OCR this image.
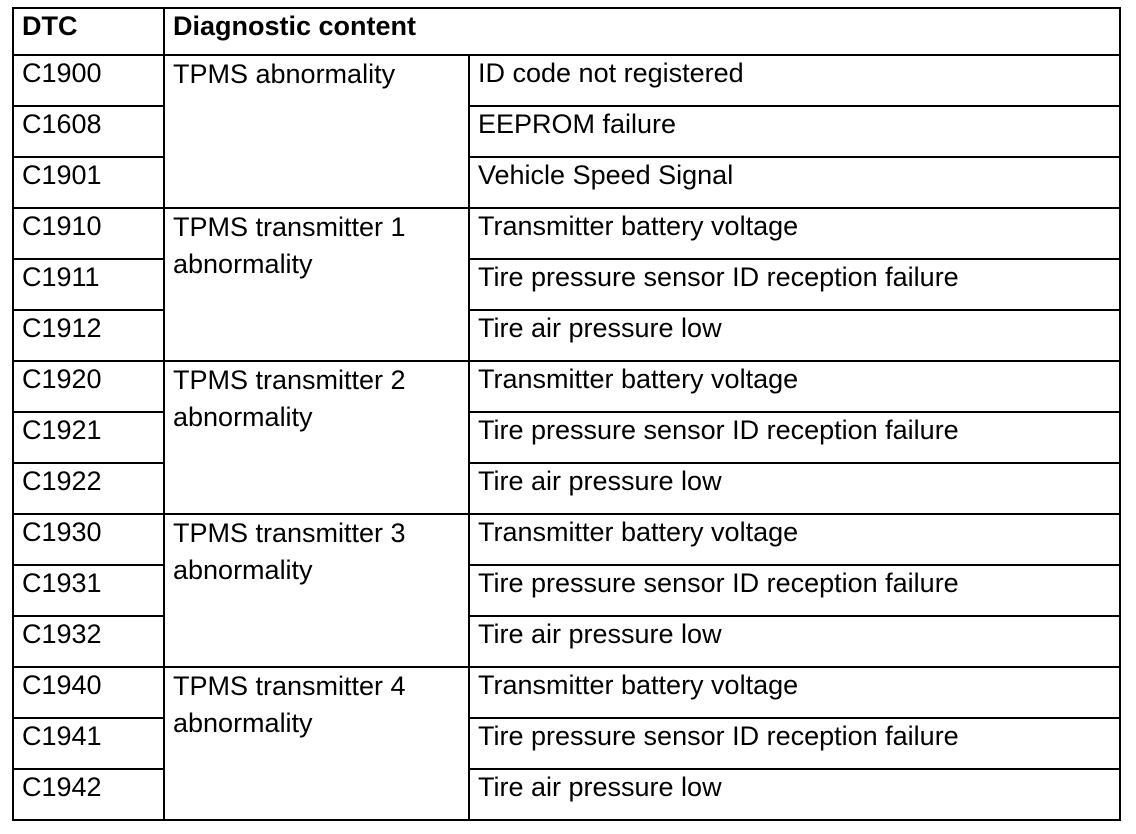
DTC	Diagnostic content	
C1900	TPMS abnormality	ID code not registered
C1608		EEPROM failure
C1901		Vehicle Speed Signal
C1910	TPMS transmitter 1 abnormality	Transmitter battery voltage
C1911		Tire pressure sensor ID reception failure
C1912		Tire air pressure low
C1920	TPMS transmitter 2 abnormality	Transmitter battery voltage
C1921		Tire pressure sensor ID reception failure
C1922		Tire air pressure low
C1930	TPMS transmitter 3 abnormality	Transmitter battery voltage
C1931		Tire pressure sensor ID reception failure
C1932		Tire air pressure low
C1940	TPMS transmitter 4 abnormality	Transmitter battery voltage
C1941		Tire pressure sensor ID reception failure
C1942		Tire air pressure low
